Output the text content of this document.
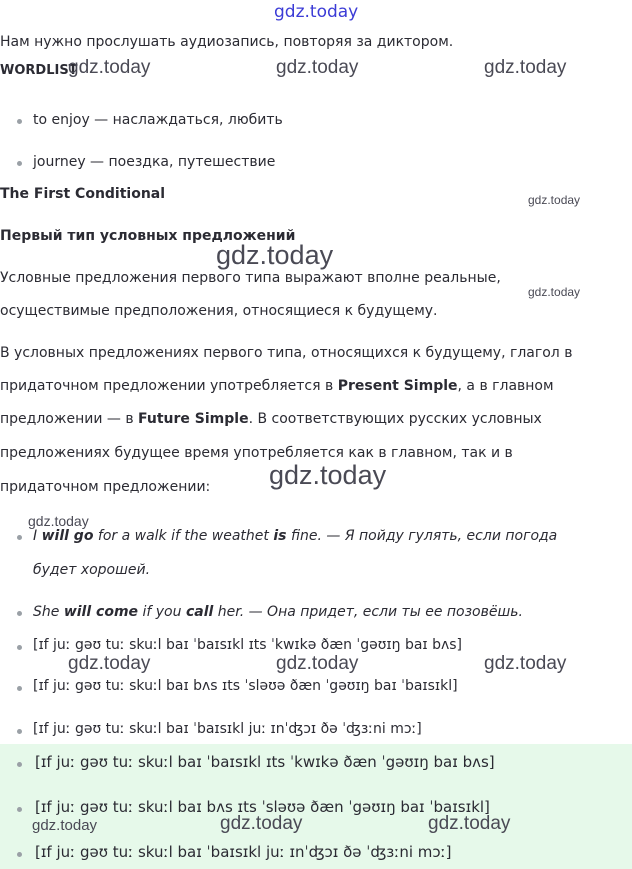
gdz.today
Нам нужно прослушать аудиозапись, повторяя за диктором.
WORDLIST
gdz.today	gdz.today	gdz.today
to enjoy — наслаждаться, любить
journey — поездка, путешествие
The First Conditional	gdz.today
Первый тип условных предложений
gdz.today
Условные предложения первого типа выражают вполне реальные,
gdz.today
осуществимые предположения, относящиеся к будущему.
В условных предложениях первого типа, относящихся к будущему, глагол в
придаточном предложении употребляется в Present Simple, а в главном
предложении — в Future Simple. В соответствующих русских условных
предложениях будущее время употребляется как в главном, так и в
придаточном предложении: gdz.today
gdz.today
I will go for a walk if the weathet is fine. — Я пойду гулять, если погода
будет хорошей.
She will come if you call her. — Она придет, если ты ее позовёшь.
[ɪf juː gəʊ tuː skuːl baɪ ˈbaɪsɪkl ɪts ˈkwɪkə ðæn ˈgəʊɪŋ baɪ bʌs]
gdz.today	gdz.today	gdz.today
[ɪf juː gəʊ tuː skuːl baɪ bʌs ɪts ˈsləʊə ðæn ˈgəʊɪŋ baɪ ˈbaɪsɪkl]
[ɪf juː gəʊ tuː skuːl baɪ ˈbaɪsɪkl juː ɪnˈʤɔɪ ðə ˈʤɜːni mɔː]
[ɪf juː gəʊ tuː skuːl baɪ ˈbaɪsɪkl ɪts ˈkwɪkə ðæn ˈgəʊɪŋ baɪ bʌs]
[ɪf juː gəʊ tuː skuːl baɪ bʌs ɪts ˈsləʊə ðæn ˈgəʊɪŋ baɪ ˈbaɪsɪkl]
gdz.today	gdz.today	gdz.today
[ɪf juː gəʊ tuː skuːl baɪ ˈbaɪsɪkl juː ɪnˈʤɔɪ ðə ˈʤɜːni mɔː]
